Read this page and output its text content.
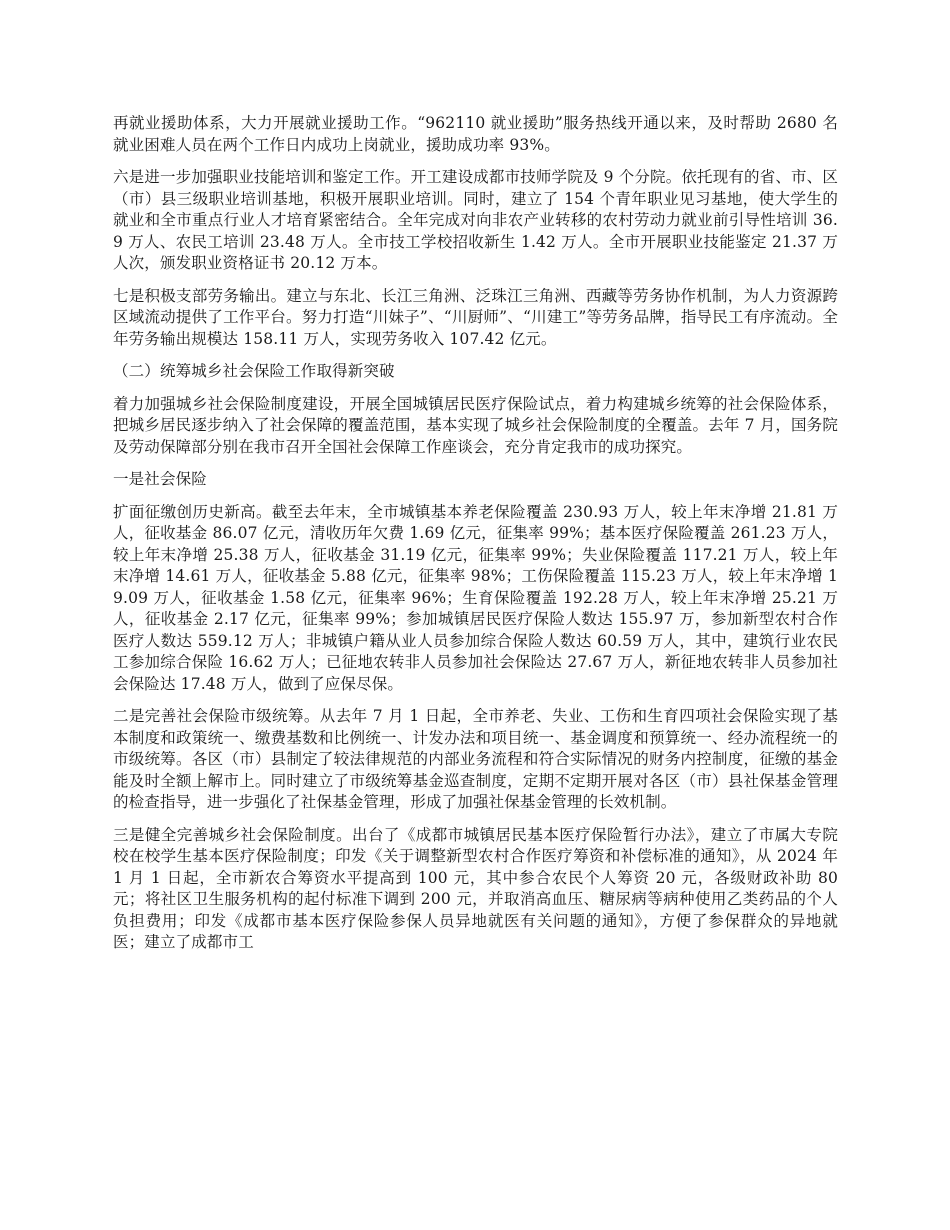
再就业援助体系，大力开展就业援助工作。“962110 就业援助”服务热线开通以来，及时帮助 2680 名就业困难人员在两个工作日内成功上岗就业，援助成功率 93%。

六是进一步加强职业技能培训和鉴定工作。开工建设成都市技师学院及 9 个分院。依托现有的省、市、区（市）县三级职业培训基地，积极开展职业培训。同时，建立了 154 个青年职业见习基地，使大学生的就业和全市重点行业人才培育紧密结合。全年完成对向非农产业转移的农村劳动力就业前引导性培训 36.9 万人、农民工培训 23.48 万人。全市技工学校招收新生 1.42 万人。全市开展职业技能鉴定 21.37 万人次，颁发职业资格证书 20.12 万本。

七是积极支部劳务输出。建立与东北、长江三角洲、泛珠江三角洲、西藏等劳务协作机制，为人力资源跨区域流动提供了工作平台。努力打造“川妹子”、“川厨师”、“川建工”等劳务品牌，指导民工有序流动。全年劳务输出规模达 158.11 万人，实现劳务收入 107.42 亿元。

（二）统筹城乡社会保险工作取得新突破

着力加强城乡社会保险制度建设，开展全国城镇居民医疗保险试点，着力构建城乡统筹的社会保险体系，把城乡居民逐步纳入了社会保障的覆盖范围，基本实现了城乡社会保险制度的全覆盖。去年 7 月，国务院及劳动保障部分别在我市召开全国社会保障工作座谈会，充分肯定我市的成功探究。

一是社会保险

扩面征缴创历史新高。截至去年末，全市城镇基本养老保险覆盖 230.93 万人，较上年末净增 21.81 万人，征收基金 86.07 亿元，清收历年欠费 1.69 亿元，征集率 99%；基本医疗保险覆盖 261.23 万人，较上年末净增 25.38 万人，征收基金 31.19 亿元，征集率 99%；失业保险覆盖 117.21 万人，较上年末净增 14.61 万人，征收基金 5.88 亿元，征集率 98%；工伤保险覆盖 115.23 万人，较上年末净增 19.09 万人，征收基金 1.58 亿元，征集率 96%；生育保险覆盖 192.28 万人，较上年末净增 25.21 万人，征收基金 2.17 亿元，征集率 99%；参加城镇居民医疗保险人数达 155.97 万，参加新型农村合作医疗人数达 559.12 万人；非城镇户籍从业人员参加综合保险人数达 60.59 万人，其中，建筑行业农民工参加综合保险 16.62 万人；已征地农转非人员参加社会保险达 27.67 万人，新征地农转非人员参加社会保险达 17.48 万人，做到了应保尽保。

二是完善社会保险市级统筹。从去年 7 月 1 日起，全市养老、失业、工伤和生育四项社会保险实现了基本制度和政策统一、缴费基数和比例统一、计发办法和项目统一、基金调度和预算统一、经办流程统一的市级统筹。各区（市）县制定了较法律规范的内部业务流程和符合实际情况的财务内控制度，征缴的基金能及时全额上解市上。同时建立了市级统筹基金巡查制度，定期不定期开展对各区（市）县社保基金管理的检查指导，进一步强化了社保基金管理，形成了加强社保基金管理的长效机制。

三是健全完善城乡社会保险制度。出台了《成都市城镇居民基本医疗保险暂行办法》，建立了市属大专院校在校学生基本医疗保险制度；印发《关于调整新型农村合作医疗筹资和补偿标准的通知》，从 2024 年 1 月 1 日起，全市新农合筹资水平提高到 100 元，其中参合农民个人筹资 20 元，各级财政补助 80 元；将社区卫生服务机构的起付标准下调到 200 元，并取消高血压、糖尿病等病种使用乙类药品的个人负担费用；印发《成都市基本医疗保险参保人员异地就医有关问题的通知》，方便了参保群众的异地就医；建立了成都市工
